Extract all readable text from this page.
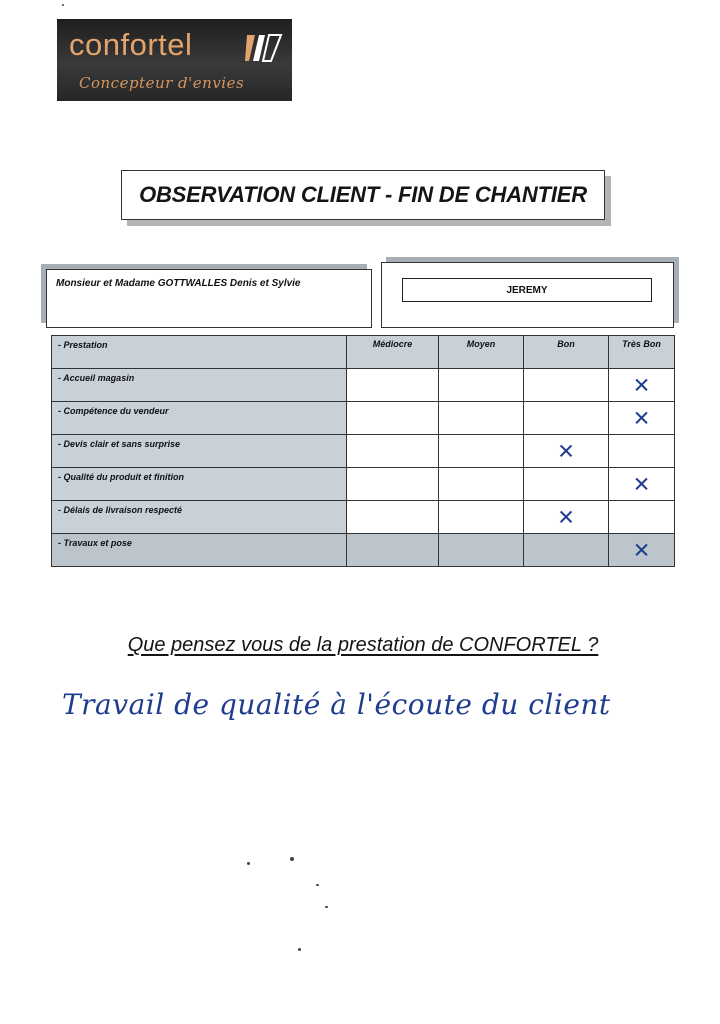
confortel
Concepteur d'envies
OBSERVATION CLIENT - FIN DE CHANTIER
Monsieur et Madame GOTTWALLES Denis et Sylvie
JEREMY
- Prestation	Médiocre	Moyen	Bon	Très Bon
- Accueil magasin				✕

- Compétence du vendeur				✕

- Devis clair et sans surprise			✕	

- Qualité du produit et finition				✕

- Délais de livraison respecté			✕	

- Travaux et pose				✕
Que pensez vous de la prestation de CONFORTEL ?
Travail de qualité à l'écoute du client
